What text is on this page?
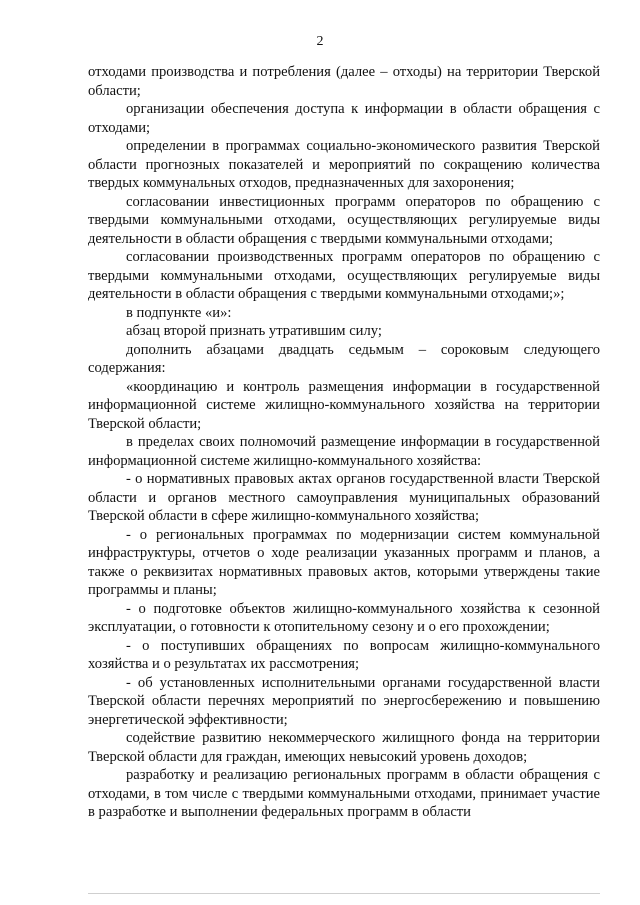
2

отходами производства и потребления (далее – отходы) на территории Тверской области;

организации обеспечения доступа к информации в области обращения с отходами;

определении в программах социально-экономического развития Тверской области прогнозных показателей и мероприятий по сокращению количества твердых коммунальных отходов, предназначенных для захоронения;

согласовании инвестиционных программ операторов по обращению с твердыми коммунальными отходами, осуществляющих регулируемые виды деятельности в области обращения с твердыми коммунальными отходами;

согласовании производственных программ операторов по обращению с твердыми коммунальными отходами, осуществляющих регулируемые виды деятельности в области обращения с твердыми коммунальными отходами;»;

в подпункте «и»:

абзац второй признать утратившим силу;

дополнить абзацами двадцать седьмым – сороковым следующего содержания:

«координацию и контроль размещения информации в государственной информационной системе жилищно-коммунального хозяйства на территории Тверской области;

в пределах своих полномочий размещение информации в государственной информационной системе жилищно-коммунального хозяйства:

- о нормативных правовых актах органов государственной власти Тверской области и органов местного самоуправления муниципальных образований Тверской области в сфере жилищно-коммунального хозяйства;

- о региональных программах по модернизации систем коммунальной инфраструктуры, отчетов о ходе реализации указанных программ и планов, а также о реквизитах нормативных правовых актов, которыми утверждены такие программы и планы;

- о подготовке объектов жилищно-коммунального хозяйства к сезонной эксплуатации, о готовности к отопительному сезону и о его прохождении;

- о поступивших обращениях по вопросам жилищно-коммунального хозяйства и о результатах их рассмотрения;

- об установленных исполнительными органами государственной власти Тверской области перечнях мероприятий по энергосбережению и повышению энергетической эффективности;

содействие развитию некоммерческого жилищного фонда на территории Тверской области для граждан, имеющих невысокий уровень доходов;

разработку и реализацию региональных программ в области обращения с отходами, в том числе с твердыми коммунальными отходами, принимает участие в разработке и выполнении федеральных программ в области
